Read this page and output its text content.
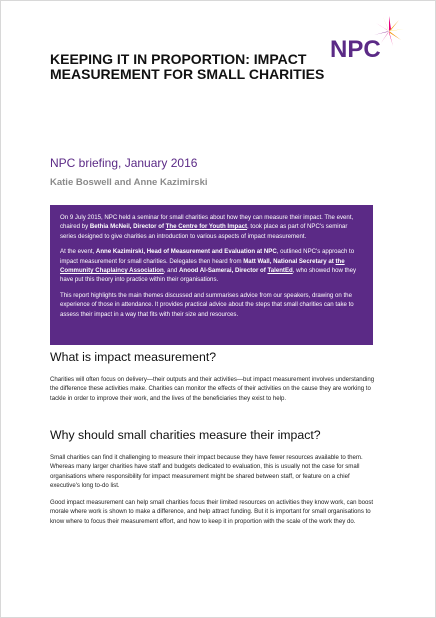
NPC
KEEPING IT IN PROPORTION: IMPACT MEASUREMENT FOR SMALL CHARITIES

NPC briefing, January 2016

Katie Boswell and Anne Kazimirski

On 9 July 2015, NPC held a seminar for small charities about how they can measure their impact. The event, chaired by Bethia McNeil, Director of The Centre for Youth Impact, took place as part of NPC's seminar series designed to give charities an introduction to various aspects of impact measurement.

At the event, Anne Kazimirski, Head of Measurement and Evaluation at NPC, outlined NPC's approach to impact measurement for small charities. Delegates then heard from Matt Wall, National Secretary at the Community Chaplaincy Association, and Anood Al-Samerai, Director of TalentEd, who showed how they have put this theory into practice within their organisations.

This report highlights the main themes discussed and summarises advice from our speakers, drawing on the experience of those in attendance. It provides practical advice about the steps that small charities can take to assess their impact in a way that fits with their size and resources.

What is impact measurement?

Charities will often focus on delivery—their outputs and their activities—but impact measurement involves understanding the difference these activities make. Charities can monitor the effects of their activities on the cause they are working to tackle in order to improve their work, and the lives of the beneficiaries they exist to help.

Why should small charities measure their impact?

Small charities can find it challenging to measure their impact because they have fewer resources available to them. Whereas many larger charities have staff and budgets dedicated to evaluation, this is usually not the case for small organisations where responsibility for impact measurement might be shared between staff, or feature on a chief executive's long to-do list.

Good impact measurement can help small charities focus their limited resources on activities they know work, can boost morale where work is shown to make a difference, and help attract funding. But it is important for small organisations to know where to focus their measurement effort, and how to keep it in proportion with the scale of the work they do.
